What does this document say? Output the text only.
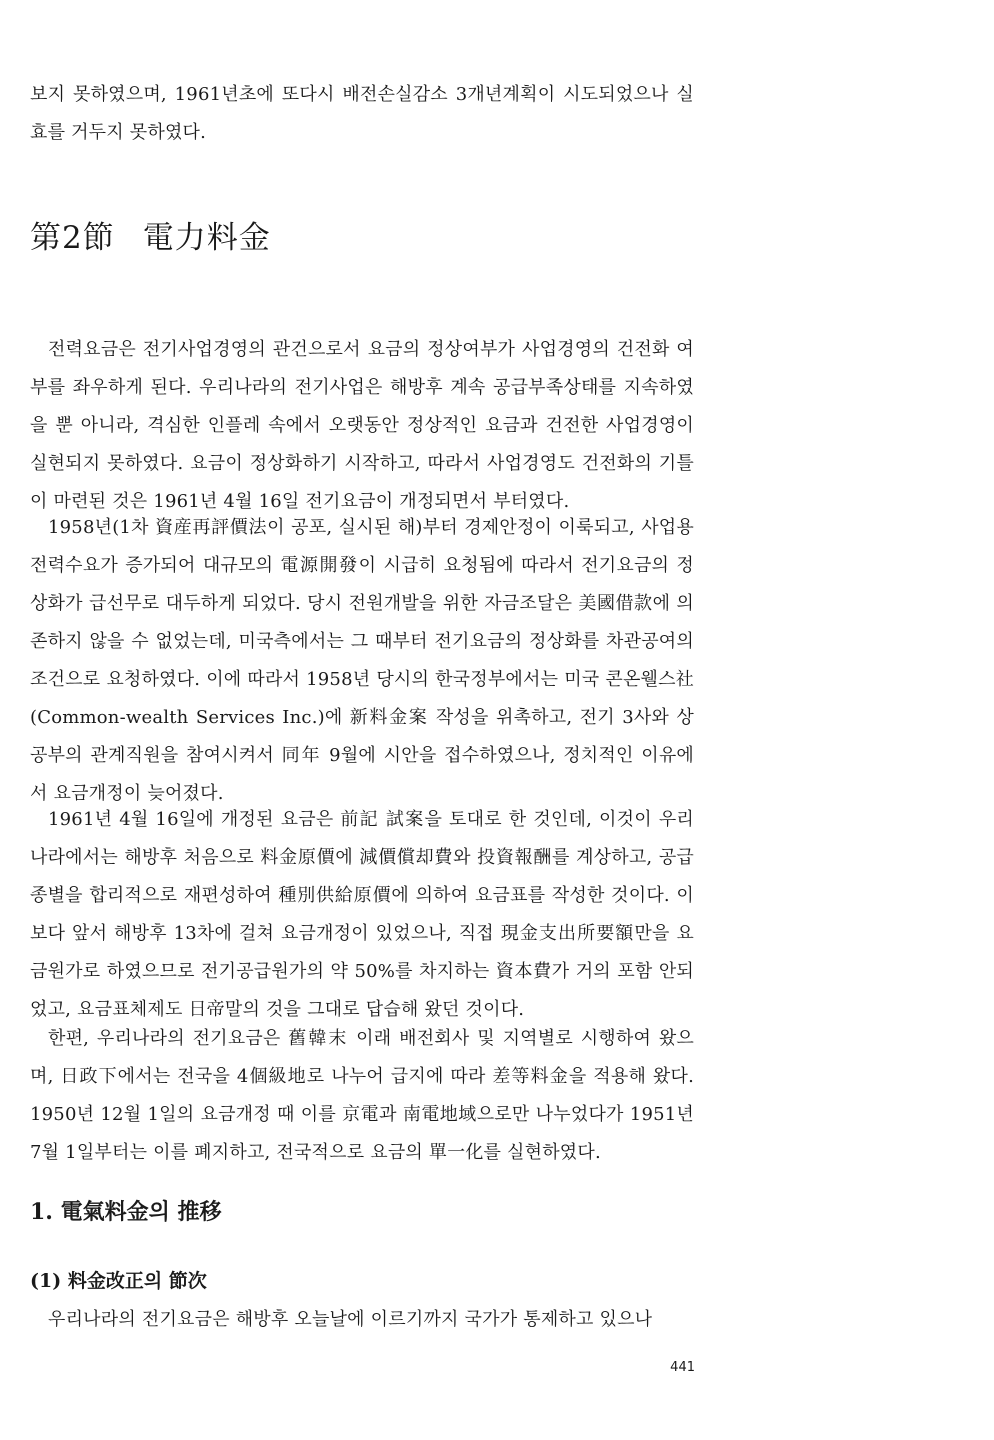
보지 못하였으며, 1961년초에 또다시 배전손실감소 3개년계획이 시도되었으나 실효를 거두지 못하였다.

第2節 電力料金

전력요금은 전기사업경영의 관건으로서 요금의 정상여부가 사업경영의 건전화 여부를 좌우하게 된다. 우리나라의 전기사업은 해방후 계속 공급부족상태를 지속하였을 뿐 아니라, 격심한 인플레 속에서 오랫동안 정상적인 요금과 건전한 사업경영이 실현되지 못하였다. 요금이 정상화하기 시작하고, 따라서 사업경영도 건전화의 기틀이 마련된 것은 1961년 4월 16일 전기요금이 개정되면서 부터였다.

1958년(1차 資産再評價法이 공포, 실시된 해)부터 경제안정이 이룩되고, 사업용 전력수요가 증가되어 대규모의 電源開發이 시급히 요청됨에 따라서 전기요금의 정상화가 급선무로 대두하게 되었다. 당시 전원개발을 위한 자금조달은 美國借款에 의존하지 않을 수 없었는데, 미국측에서는 그 때부터 전기요금의 정상화를 차관공여의 조건으로 요청하였다. 이에 따라서 1958년 당시의 한국정부에서는 미국 콘온웰스社(Common-wealth Services Inc.)에 新料金案 작성을 위촉하고, 전기 3사와 상공부의 관계직원을 참여시켜서 同年 9월에 시안을 접수하였으나, 정치적인 이유에서 요금개정이 늦어졌다.

1961년 4월 16일에 개정된 요금은 前記 試案을 토대로 한 것인데, 이것이 우리나라에서는 해방후 처음으로 料金原價에 減價償却費와 投資報酬를 계상하고, 공급종별을 합리적으로 재편성하여 種別供給原價에 의하여 요금표를 작성한 것이다. 이보다 앞서 해방후 13차에 걸쳐 요금개정이 있었으나, 직접 現金支出所要額만을 요금원가로 하였으므로 전기공급원가의 약 50%를 차지하는 資本費가 거의 포함 안되었고, 요금표체제도 日帝말의 것을 그대로 답습해 왔던 것이다.

한편, 우리나라의 전기요금은 舊韓末 이래 배전회사 및 지역별로 시행하여 왔으며, 日政下에서는 전국을 4個級地로 나누어 급지에 따라 差等料金을 적용해 왔다. 1950년 12월 1일의 요금개정 때 이를 京電과 南電地域으로만 나누었다가 1951년 7월 1일부터는 이를 폐지하고, 전국적으로 요금의 單一化를 실현하였다.

1. 電氣料金의 推移
(1) 料金改正의 節次

우리나라의 전기요금은 해방후 오늘날에 이르기까지 국가가 통제하고 있으나

441
